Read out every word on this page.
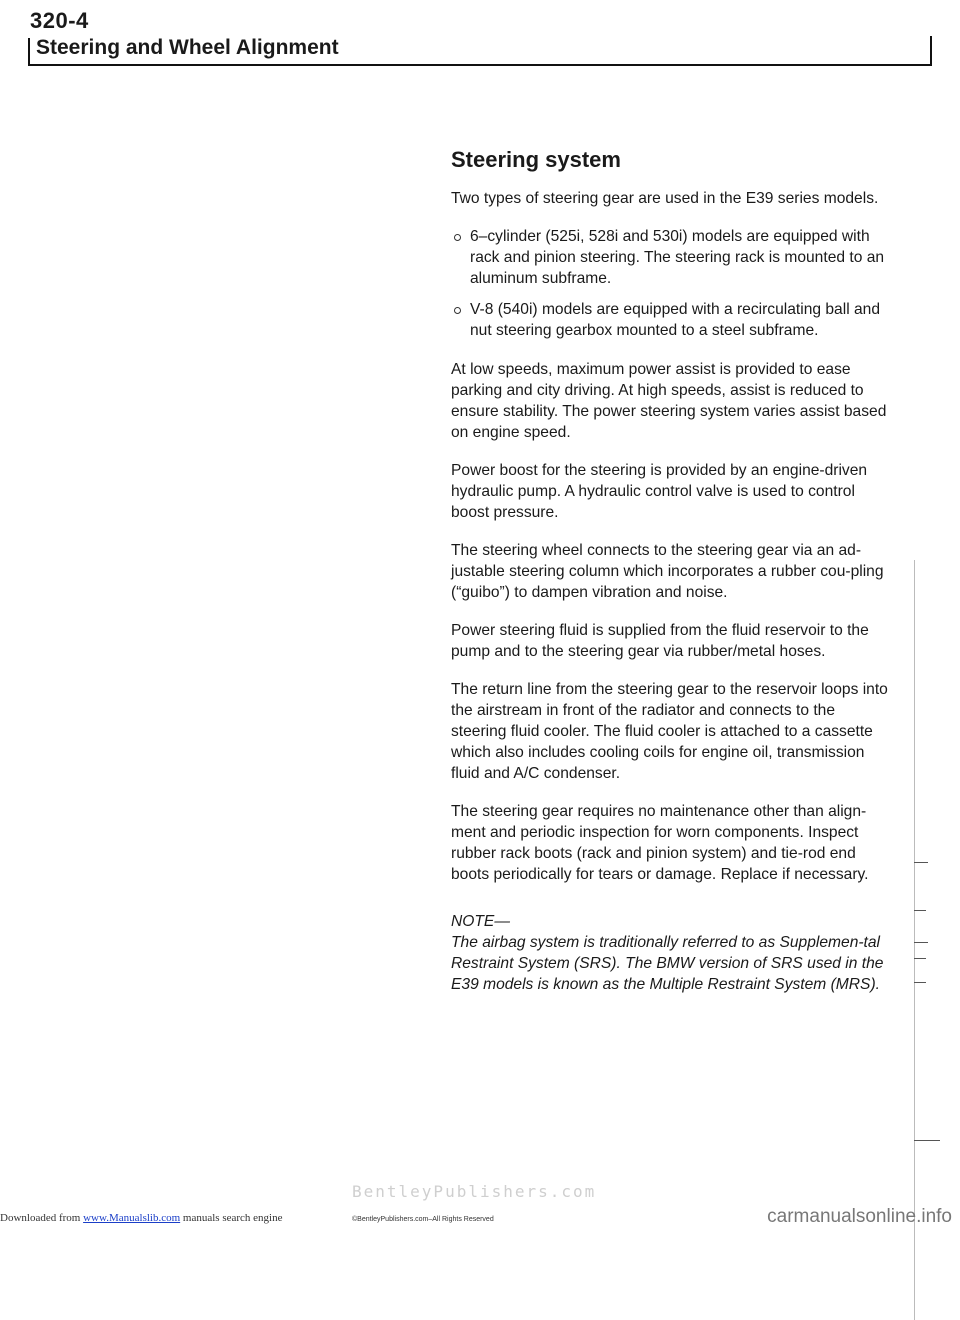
320-4
Steering and Wheel Alignment
Steering system

Two types of steering gear are used in the E39 series models.

6–cylinder (525i, 528i and 530i) models are equipped with rack and pinion steering. The steering rack is mounted to an aluminum subframe.
V-8 (540i) models are equipped with a recirculating ball and nut steering gearbox mounted to a steel subframe.

At low speeds, maximum power assist is provided to ease parking and city driving. At high speeds, assist is reduced to ensure stability. The power steering system varies assist based on engine speed.

Power boost for the steering is provided by an engine-driven hydraulic pump. A hydraulic control valve is used to control boost pressure.

The steering wheel connects to the steering gear via an ad-justable steering column which incorporates a rubber cou-pling (“guibo”) to dampen vibration and noise.

Power steering fluid is supplied from the fluid reservoir to the pump and to the steering gear via rubber/metal hoses.

The return line from the steering gear to the reservoir loops into the airstream in front of the radiator and connects to the steering fluid cooler. The fluid cooler is attached to a cassette which also includes cooling coils for engine oil, transmission fluid and A/C condenser.

The steering gear requires no maintenance other than align-ment and periodic inspection for worn components. Inspect rubber rack boots (rack and pinion system) and tie-rod end boots periodically for tears or damage. Replace if necessary.

NOTE—
The airbag system is traditionally referred to as Supplemen-tal Restraint System (SRS). The BMW version of SRS used in the E39 models is known as the Multiple Restraint System (MRS).
BentleyPublishers.com
Downloaded from www.Manualslib.com manuals search engine	©BentleyPublishers.com–All Rights Reserved	carmanualsonline.info
